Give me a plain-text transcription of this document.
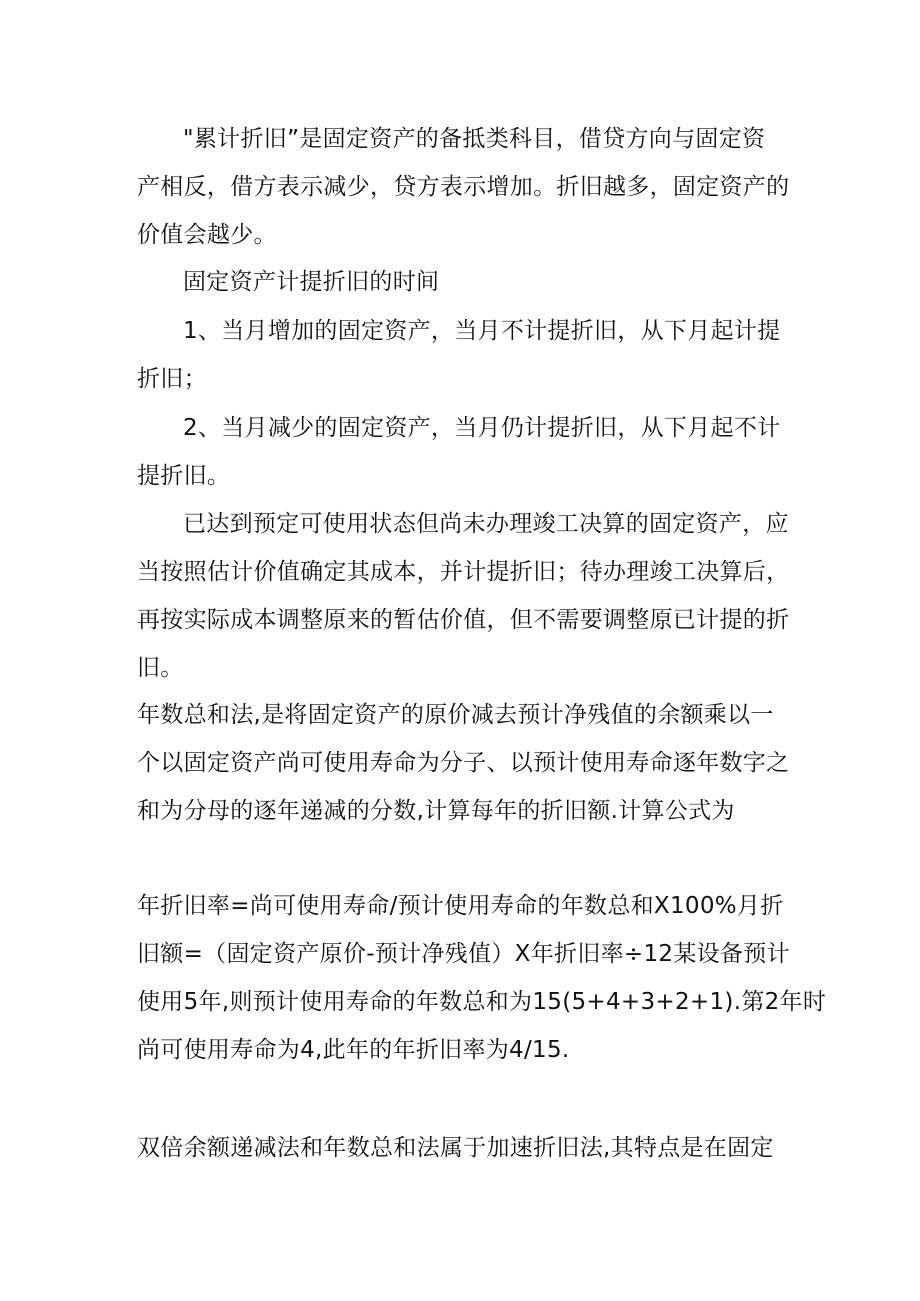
"累计折旧”是固定资产的备抵类科目，借贷方向与固定资
产相反，借方表示减少，贷方表示增加。折旧越多，固定资产的
价值会越少。

固定资产计提折旧的时间

1、当月增加的固定资产，当月不计提折旧，从下月起计提
折旧；

2、当月减少的固定资产，当月仍计提折旧，从下月起不计
提折旧。

已达到预定可使用状态但尚未办理竣工决算的固定资产，应
当按照估计价值确定其成本，并计提折旧；待办理竣工决算后，
再按实际成本调整原来的暂估价值，但不需要调整原已计提的折
旧。

年数总和法,是将固定资产的原价减去预计净残值的余额乘以一
个以固定资产尚可使用寿命为分子、以预计使用寿命逐年数字之
和为分母的逐年递减的分数,计算每年的折旧额.计算公式为

年折旧率=尚可使用寿命/预计使用寿命的年数总和X100%月折
旧额=（固定资产原价-预计净残值）X年折旧率÷12某设备预计
使用5年,则预计使用寿命的年数总和为15(5+4+3+2+1).第2年时
尚可使用寿命为4,此年的年折旧率为4/15.

双倍余额递减法和年数总和法属于加速折旧法,其特点是在固定
